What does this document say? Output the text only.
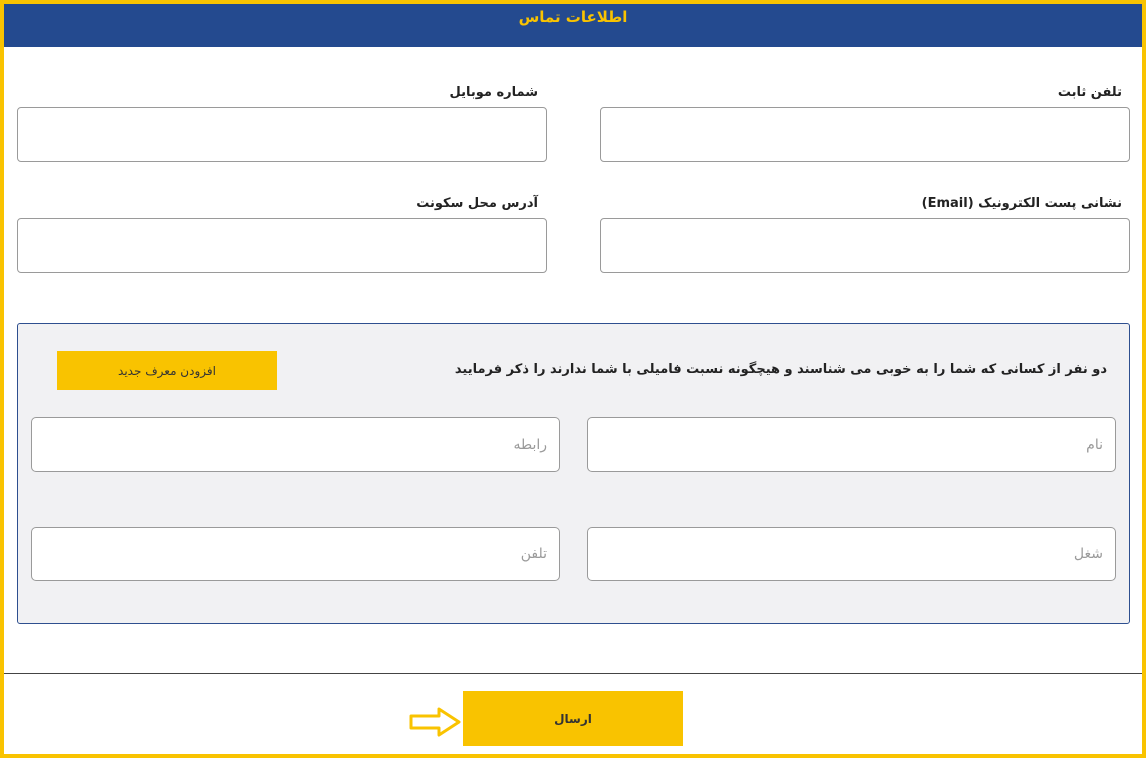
اطلاعات تماس
تلفن ثابت
شماره موبایل
نشانی پست الکترونیک (Email)
آدرس محل سکونت
دو نفر از کسانی که شما را به خوبی می شناسند و هیچگونه نسبت فامیلی با شما ندارند را ذکر فرمایید
افزودن معرف جدید
نام
رابطه
شغل
تلفن
ارسال
